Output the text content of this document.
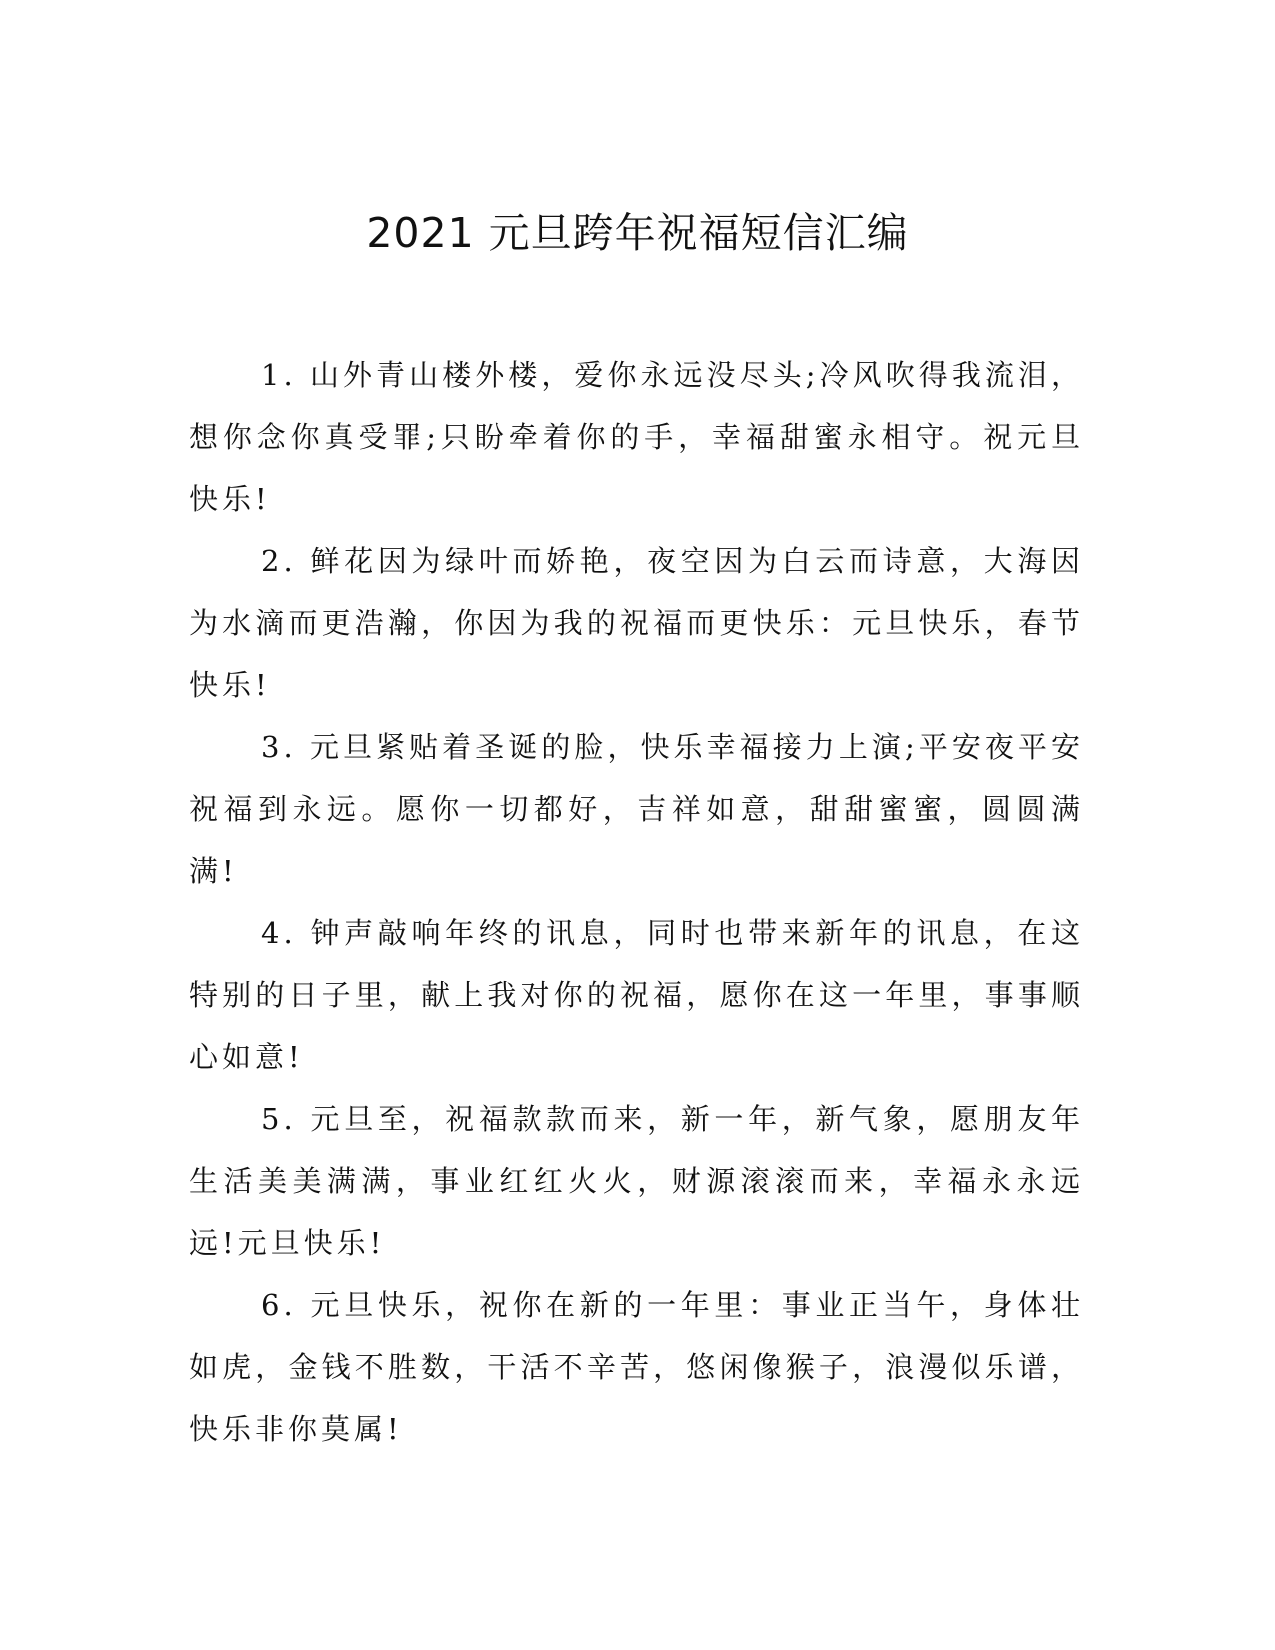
2021 元旦跨年祝福短信汇编

1. 山外青山楼外楼，爱你永远没尽头;冷风吹得我流泪，想你念你真受罪;只盼牵着你的手，幸福甜蜜永相守。祝元旦快乐!

2. 鲜花因为绿叶而娇艳，夜空因为白云而诗意，大海因为水滴而更浩瀚，你因为我的祝福而更快乐：元旦快乐，春节快乐!

3. 元旦紧贴着圣诞的脸，快乐幸福接力上演;平安夜平安祝福到永远。愿你一切都好，吉祥如意，甜甜蜜蜜，圆圆满满!

4. 钟声敲响年终的讯息，同时也带来新年的讯息，在这特别的日子里，献上我对你的祝福，愿你在这一年里，事事顺心如意!

5. 元旦至，祝福款款而来，新一年，新气象，愿朋友年生活美美满满，事业红红火火，财源滚滚而来，幸福永永远远!元旦快乐!

6. 元旦快乐，祝你在新的一年里：事业正当午，身体壮如虎，金钱不胜数，干活不辛苦，悠闲像猴子，浪漫似乐谱，快乐非你莫属!
